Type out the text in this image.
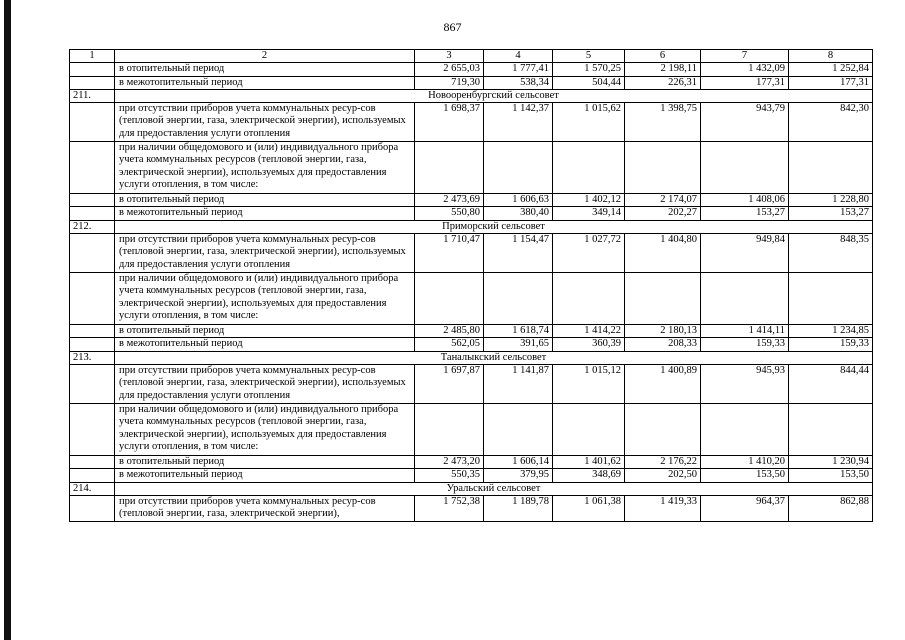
867
1	2	3	4	5	6	7	8
	в отопительный период	2 655,03	1 777,41	1 570,25	2 198,11	1 432,09	1 252,84
	в межотопительный период	719,30	538,34	504,44	226,31	177,31	177,31
211.	Новооренбургский сельсовет						
	при отсутствии приборов учета коммунальных ресур-сов (тепловой энергии, газа, электрической энергии), используемых для предоставления услуги отопления	1 698,37	1 142,37	1 015,62	1 398,75	943,79	842,30
	при наличии общедомового и (или) индивидуального прибора учета коммунальных ресурсов (тепловой энергии, газа, электрической энергии), используемых для предоставления услуги отопления, в том числе:						
	в отопительный период	2 473,69	1 606,63	1 402,12	2 174,07	1 408,06	1 228,80
	в межотопительный период	550,80	380,40	349,14	202,27	153,27	153,27
212.	Приморский сельсовет						
	при отсутствии приборов учета коммунальных ресур-сов (тепловой энергии, газа, электрической энергии), используемых для предоставления услуги отопления	1 710,47	1 154,47	1 027,72	1 404,80	949,84	848,35
	при наличии общедомового и (или) индивидуального прибора учета коммунальных ресурсов (тепловой энергии, газа, электрической энергии), используемых для предоставления услуги отопления, в том числе:						
	в отопительный период	2 485,80	1 618,74	1 414,22	2 180,13	1 414,11	1 234,85
	в межотопительный период	562,05	391,65	360,39	208,33	159,33	159,33
213.	Таналыкский сельсовет						
	при отсутствии приборов учета коммунальных ресур-сов (тепловой энергии, газа, электрической энергии), используемых для предоставления услуги отопления	1 697,87	1 141,87	1 015,12	1 400,89	945,93	844,44
	при наличии общедомового и (или) индивидуального прибора учета коммунальных ресурсов (тепловой энергии, газа, электрической энергии), используемых для предоставления услуги отопления, в том числе:						
	в отопительный период	2 473,20	1 606,14	1 401,62	2 176,22	1 410,20	1 230,94
	в межотопительный период	550,35	379,95	348,69	202,50	153,50	153,50
214.	Уральский сельсовет						
	при отсутствии приборов учета коммунальных ресур-сов (тепловой энергии, газа, электрической энергии),	1 752,38	1 189,78	1 061,38	1 419,33	964,37	862,88
